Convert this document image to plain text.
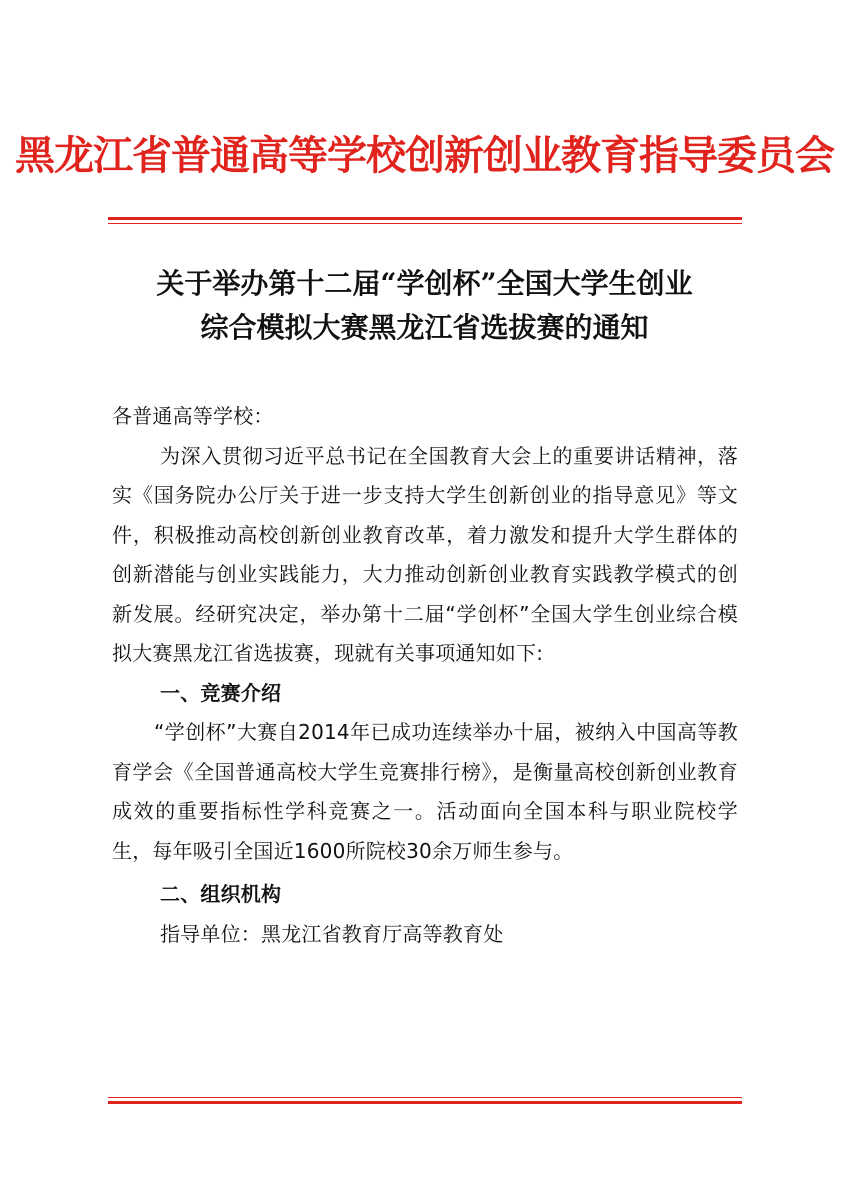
黑龙江省普通高等学校创新创业教育指导委员会
关于举办第十二届“学创杯”全国大学生创业
综合模拟大赛黑龙江省选拔赛的通知

各普通高等学校：

为深入贯彻习近平总书记在全国教育大会上的重要讲话精神，落实《国务院办公厅关于进一步支持大学生创新创业的指导意见》等文件，积极推动高校创新创业教育改革，着力激发和提升大学生群体的创新潜能与创业实践能力，大力推动创新创业教育实践教学模式的创新发展。经研究决定，举办第十二届“学创杯”全国大学生创业综合模拟大赛黑龙江省选拔赛，现就有关事项通知如下:

一、竞赛介绍

“学创杯”大赛自2014年已成功连续举办十届，被纳入中国高等教育学会《全国普通高校大学生竞赛排行榜》，是衡量高校创新创业教育成效的重要指标性学科竞赛之一。活动面向全国本科与职业院校学生，每年吸引全国近1600所院校30余万师生参与。

二、组织机构

指导单位：黑龙江省教育厅高等教育处
